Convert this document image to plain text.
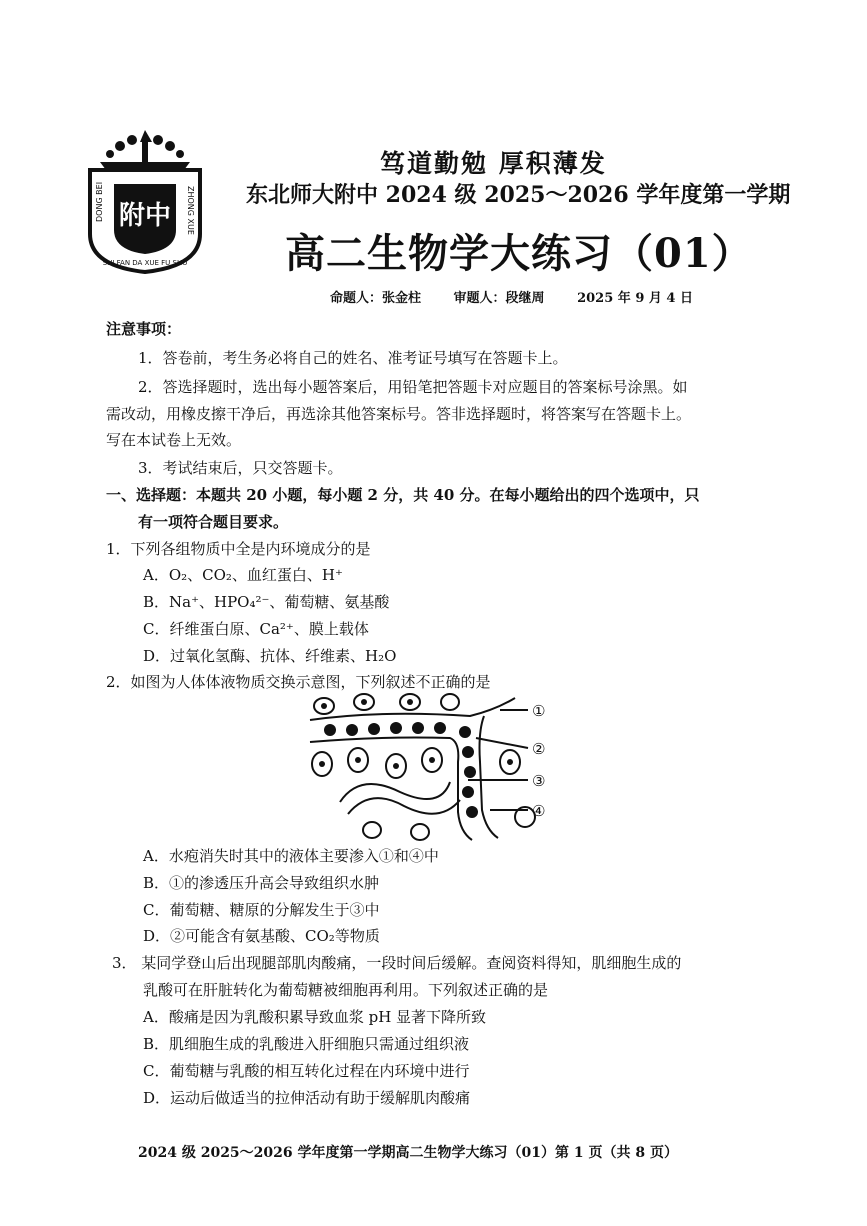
附中
DONG BEI	ZHONG XUE
SHI FAN DA XUE FU SHU
笃道勤勉 厚积薄发
东北师大附中 2024 级 2025～2026 学年度第一学期
高二生物学大练习（01）
命题人：张金柱	审题人：段继周	2025 年 9 月 4 日
注意事项：
1．答卷前，考生务必将自己的姓名、准考证号填写在答题卡上。
2．答选择题时，选出每小题答案后，用铅笔把答题卡对应题目的答案标号涂黑。如
需改动，用橡皮擦干净后，再选涂其他答案标号。答非选择题时，将答案写在答题卡上。
写在本试卷上无效。
3．考试结束后，只交答题卡。
一、选择题：本题共 20 小题，每小题 2 分，共 40 分。在每小题给出的四个选项中，只
有一项符合题目要求。
1．下列各组物质中全是内环境成分的是
A．O₂、CO₂、血红蛋白、H⁺
B．Na⁺、HPO₄²⁻、葡萄糖、氨基酸
C．纤维蛋白原、Ca²⁺、膜上载体
D．过氧化氢酶、抗体、纤维素、H₂O
2．如图为人体体液物质交换示意图，下列叙述不正确的是
①
②
③
④
A．水疱消失时其中的液体主要渗入①和④中
B．①的渗透压升高会导致组织水肿
C．葡萄糖、糖原的分解发生于③中
D．②可能含有氨基酸、CO₂等物质
3． 某同学登山后出现腿部肌肉酸痛，一段时间后缓解。查阅资料得知，肌细胞生成的
乳酸可在肝脏转化为葡萄糖被细胞再利用。下列叙述正确的是
A．酸痛是因为乳酸积累导致血浆 pH 显著下降所致
B．肌细胞生成的乳酸进入肝细胞只需通过组织液
C．葡萄糖与乳酸的相互转化过程在内环境中进行
D．运动后做适当的拉伸活动有助于缓解肌肉酸痛
2024 级 2025～2026 学年度第一学期高二生物学大练习（01）第 1 页（共 8 页）
